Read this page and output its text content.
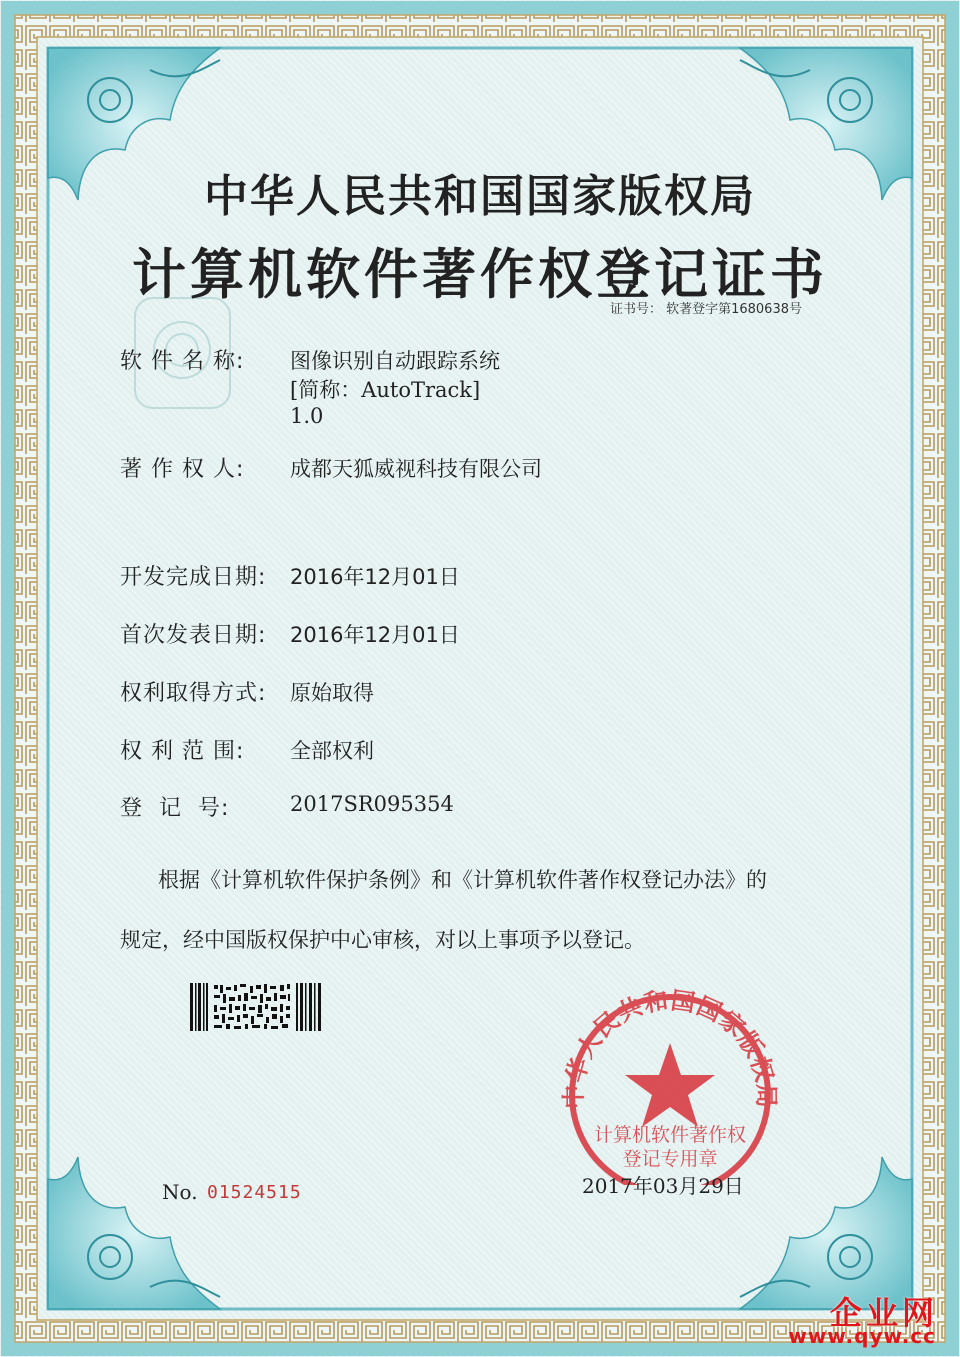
中华人民共和国国家版权局
计算机软件著作权登记证书
证书号： 软著登字第1680638号
软 件 名 称: 图像识别自动跟踪系统
[简称：AutoTrack]
1.0
著 作 权 人: 成都天狐威视科技有限公司
开发完成日期: 2016年12月01日
首次发表日期: 2016年12月01日
权利取得方式: 原始取得
权 利 范 围: 全部权利
登  记  号:	2017SR095354
根据《计算机软件保护条例》和《计算机软件著作权登记办法》的
规定，经中国版权保护中心审核，对以上事项予以登记。
中华人民共和国国家版权局
计算机软件著作权
登记专用章
No. 01524515	2017年03月29日
企业网
www.qyw.cc
